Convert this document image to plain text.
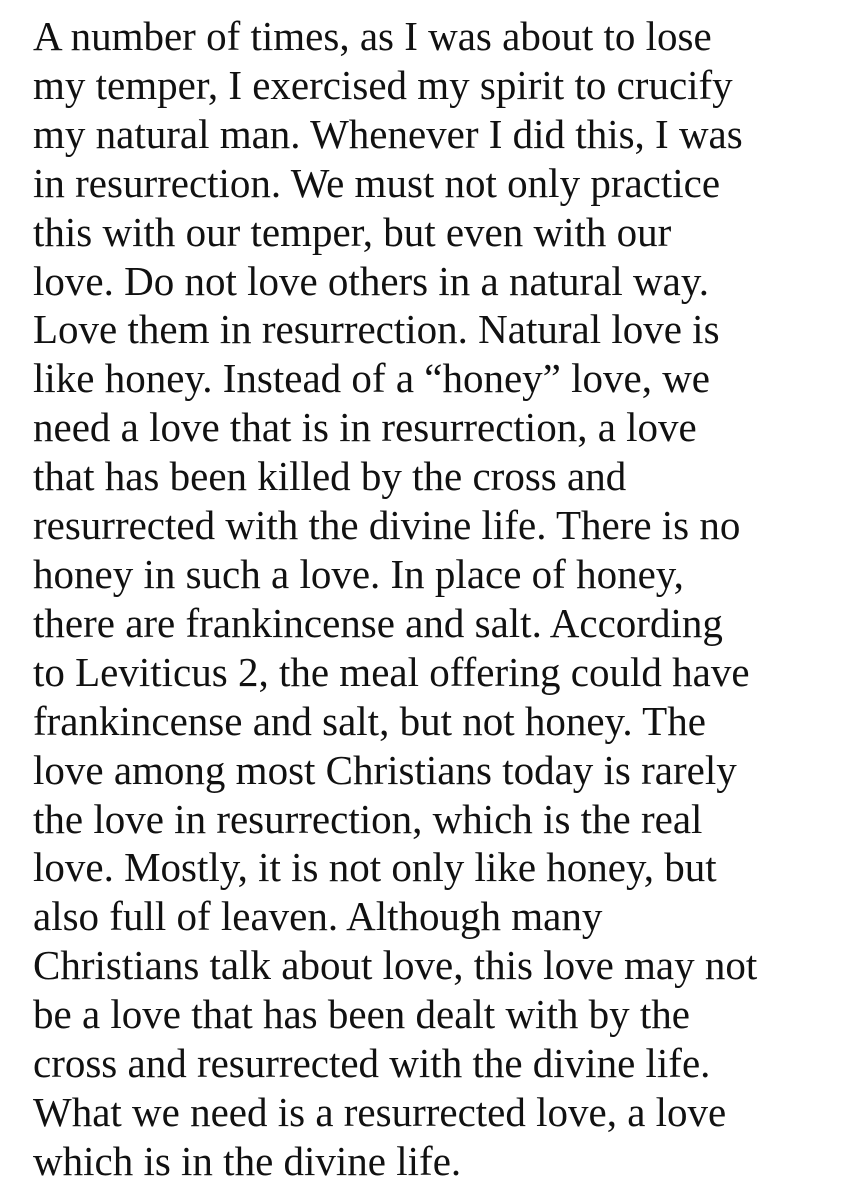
A number of times, as I was about to lose
my temper, I exercised my spirit to crucify
my natural man. Whenever I did this, I was
in resurrection. We must not only practice
this with our temper, but even with our
love. Do not love others in a natural way.
Love them in resurrection. Natural love is
like honey. Instead of a “honey” love, we
need a love that is in resurrection, a love
that has been killed by the cross and
resurrected with the divine life. There is no
honey in such a love. In place of honey,
there are frankincense and salt. According
to Leviticus 2, the meal offering could have
frankincense and salt, but not honey. The
love among most Christians today is rarely
the love in resurrection, which is the real
love. Mostly, it is not only like honey, but
also full of leaven. Although many
Christians talk about love, this love may not
be a love that has been dealt with by the
cross and resurrected with the divine life.
What we need is a resurrected love, a love
which is in the divine life.
